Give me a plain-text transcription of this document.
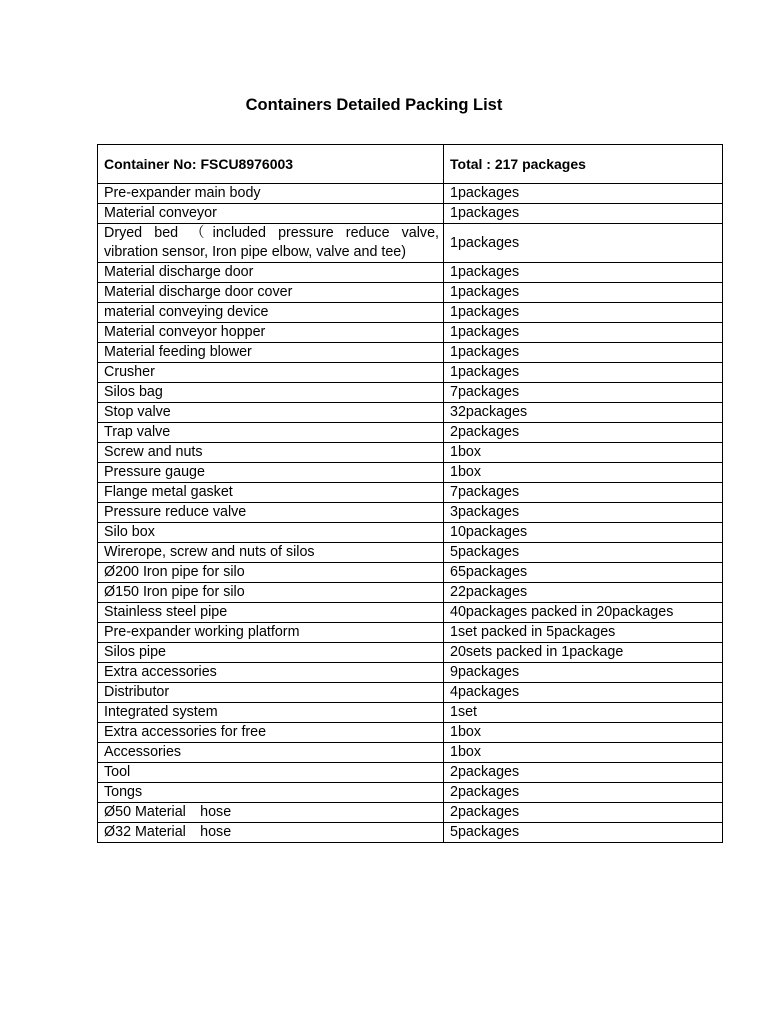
Containers Detailed Packing List
Container No: FSCU8976003	Total : 217 packages
Pre-expander main body	1packages
Material conveyor	1packages
Dryed bed （included pressure reduce valve, vibration sensor, Iron pipe elbow, valve and tee)	1packages
Material discharge door	1packages
Material discharge door cover	1packages
material conveying device	1packages
Material conveyor hopper	1packages
Material feeding blower	1packages
Crusher	1packages
Silos bag	7packages
Stop valve	32packages
Trap valve	2packages
Screw and nuts	1box
Pressure gauge	1box
Flange metal gasket	7packages
Pressure reduce valve	3packages
Silo box	10packages
Wirerope, screw and nuts of silos	5packages
Ø200 Iron pipe for silo	65packages
Ø150 Iron pipe for silo	22packages
Stainless steel pipe	40packages packed in 20packages
Pre-expander working platform	1set packed in 5packages
Silos pipe	20sets packed in 1package
Extra accessories	9packages
Distributor	4packages
Integrated system	1set
Extra accessories for free	1box
Accessories	1box
Tool	2packages
Tongs	2packages
Ø50 Material　hose	2packages
Ø32 Material　hose	5packages
